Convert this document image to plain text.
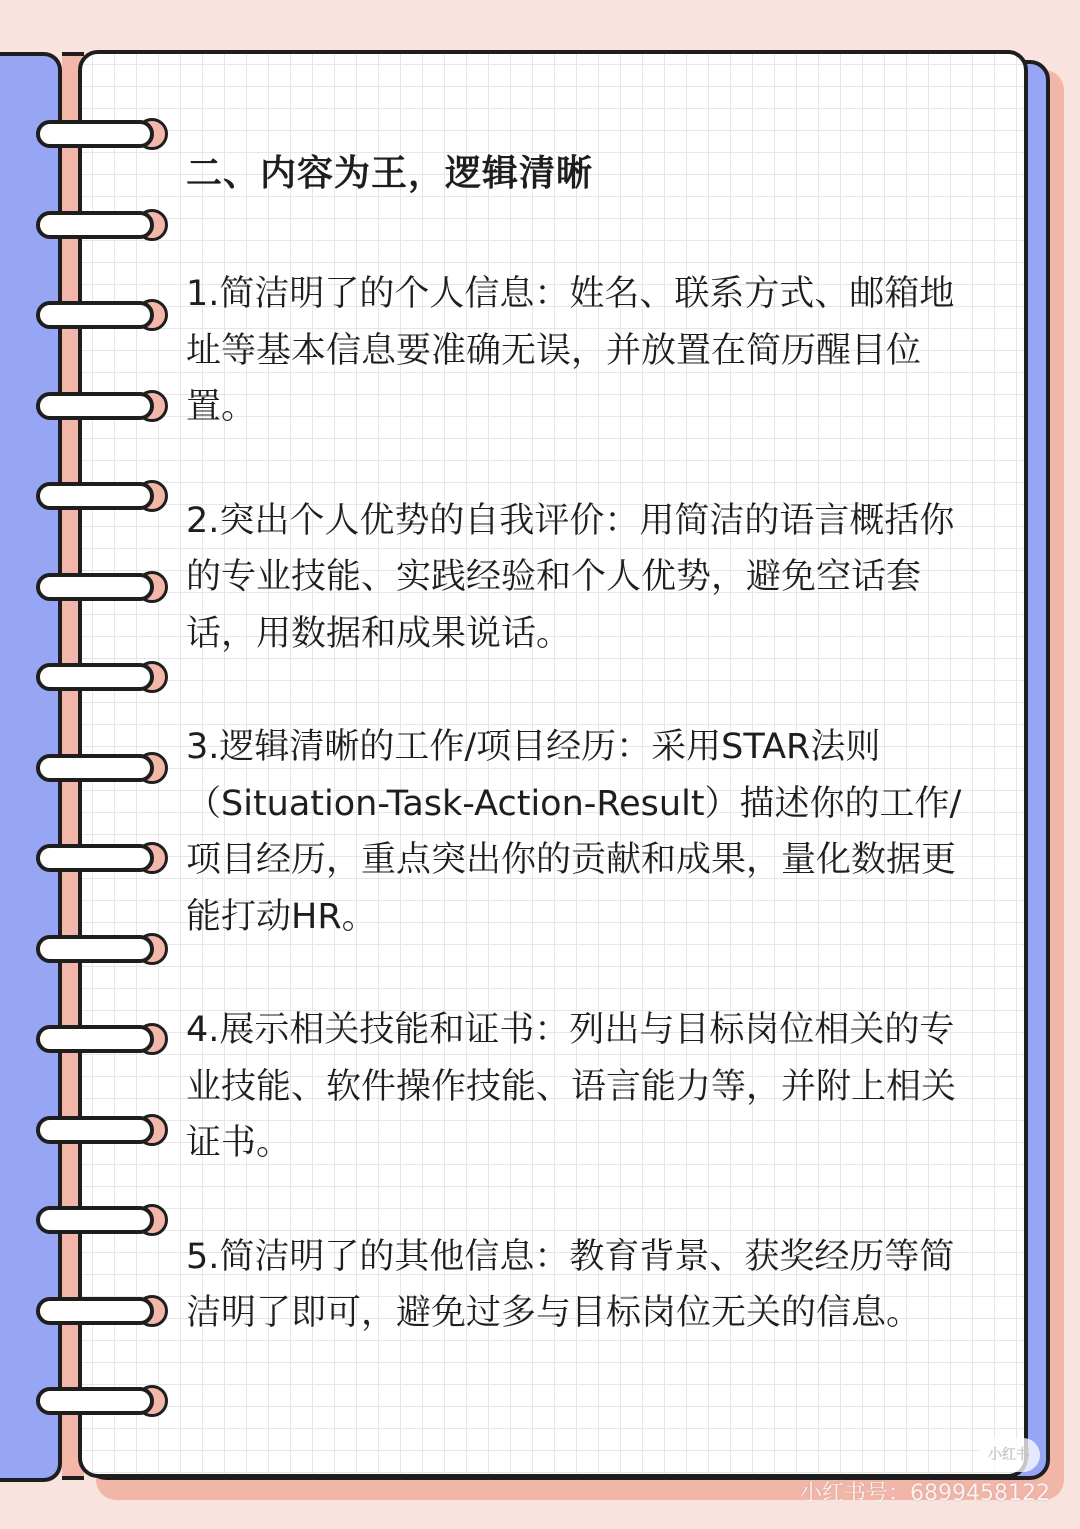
二、内容为王，逻辑清晰
1.简洁明了的个人信息：姓名、联系方式、邮箱地址等基本信息要准确无误，并放置在简历醒目位置。
2.突出个人优势的自我评价：用简洁的语言概括你的专业技能、实践经验和个人优势，避免空话套话，用数据和成果说话。
3.逻辑清晰的工作/项目经历：采用STAR法则（Situation-Task-Action-Result）描述你的工作/项目经历，重点突出你的贡献和成果，量化数据更能打动HR。
4.展示相关技能和证书：列出与目标岗位相关的专业技能、软件操作技能、语言能力等，并附上相关证书。
5.简洁明了的其他信息：教育背景、获奖经历等简洁明了即可，避免过多与目标岗位无关的信息。
小红书
小红书号：6899458122
